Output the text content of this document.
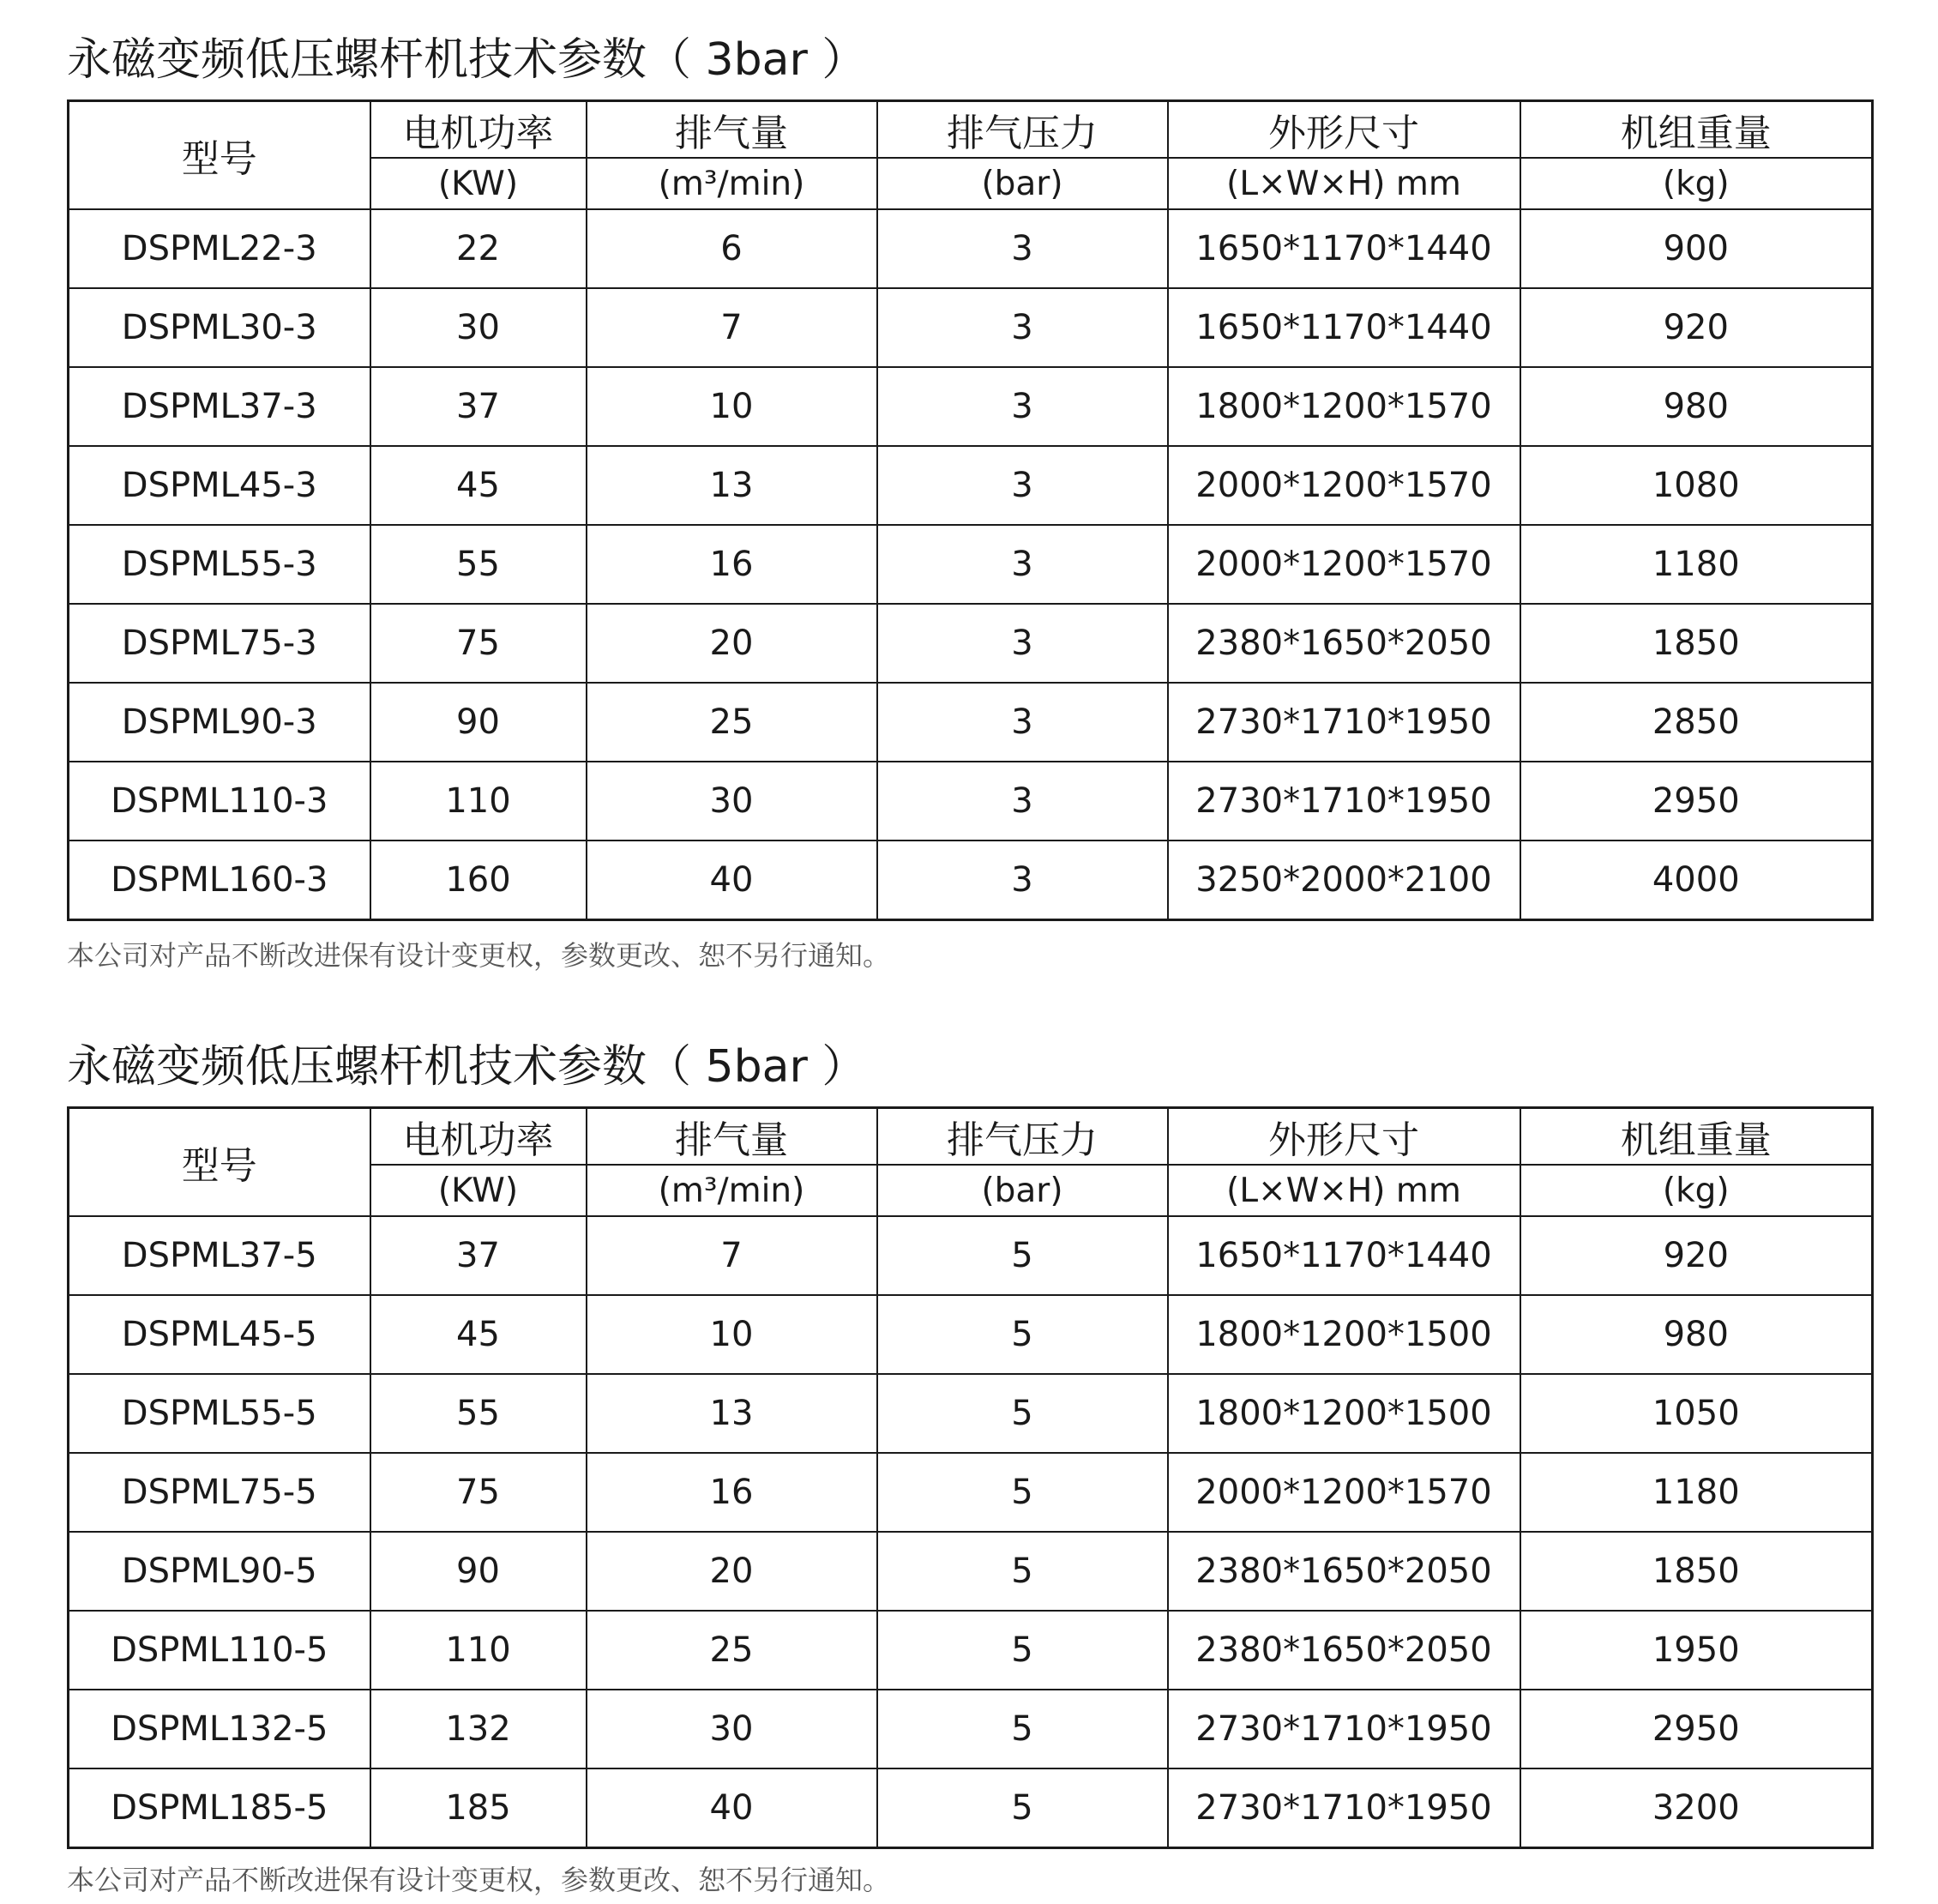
永磁变频低压螺杆机技术参数（ 3bar ）
型号	电机功率	排气量	排气压力	外形尺寸	机组重量
	(KW)	(m³/min)	(bar)	(L×W×H) mm	(kg)
DSPML22-3	22	6	3	1650*1170*1440	900
DSPML30-3	30	7	3	1650*1170*1440	920
DSPML37-3	37	10	3	1800*1200*1570	980
DSPML45-3	45	13	3	2000*1200*1570	1080
DSPML55-3	55	16	3	2000*1200*1570	1180
DSPML75-3	75	20	3	2380*1650*2050	1850
DSPML90-3	90	25	3	2730*1710*1950	2850
DSPML110-3	110	30	3	2730*1710*1950	2950
DSPML160-3	160	40	3	3250*2000*2100	4000
本公司对产品不断改进保有设计变更权，参数更改、恕不另行通知。
永磁变频低压螺杆机技术参数（ 5bar ）
型号	电机功率	排气量	排气压力	外形尺寸	机组重量
	(KW)	(m³/min)	(bar)	(L×W×H) mm	(kg)
DSPML37-5	37	7	5	1650*1170*1440	920
DSPML45-5	45	10	5	1800*1200*1500	980
DSPML55-5	55	13	5	1800*1200*1500	1050
DSPML75-5	75	16	5	2000*1200*1570	1180
DSPML90-5	90	20	5	2380*1650*2050	1850
DSPML110-5	110	25	5	2380*1650*2050	1950
DSPML132-5	132	30	5	2730*1710*1950	2950
DSPML185-5	185	40	5	2730*1710*1950	3200
本公司对产品不断改进保有设计变更权，参数更改、恕不另行通知。
